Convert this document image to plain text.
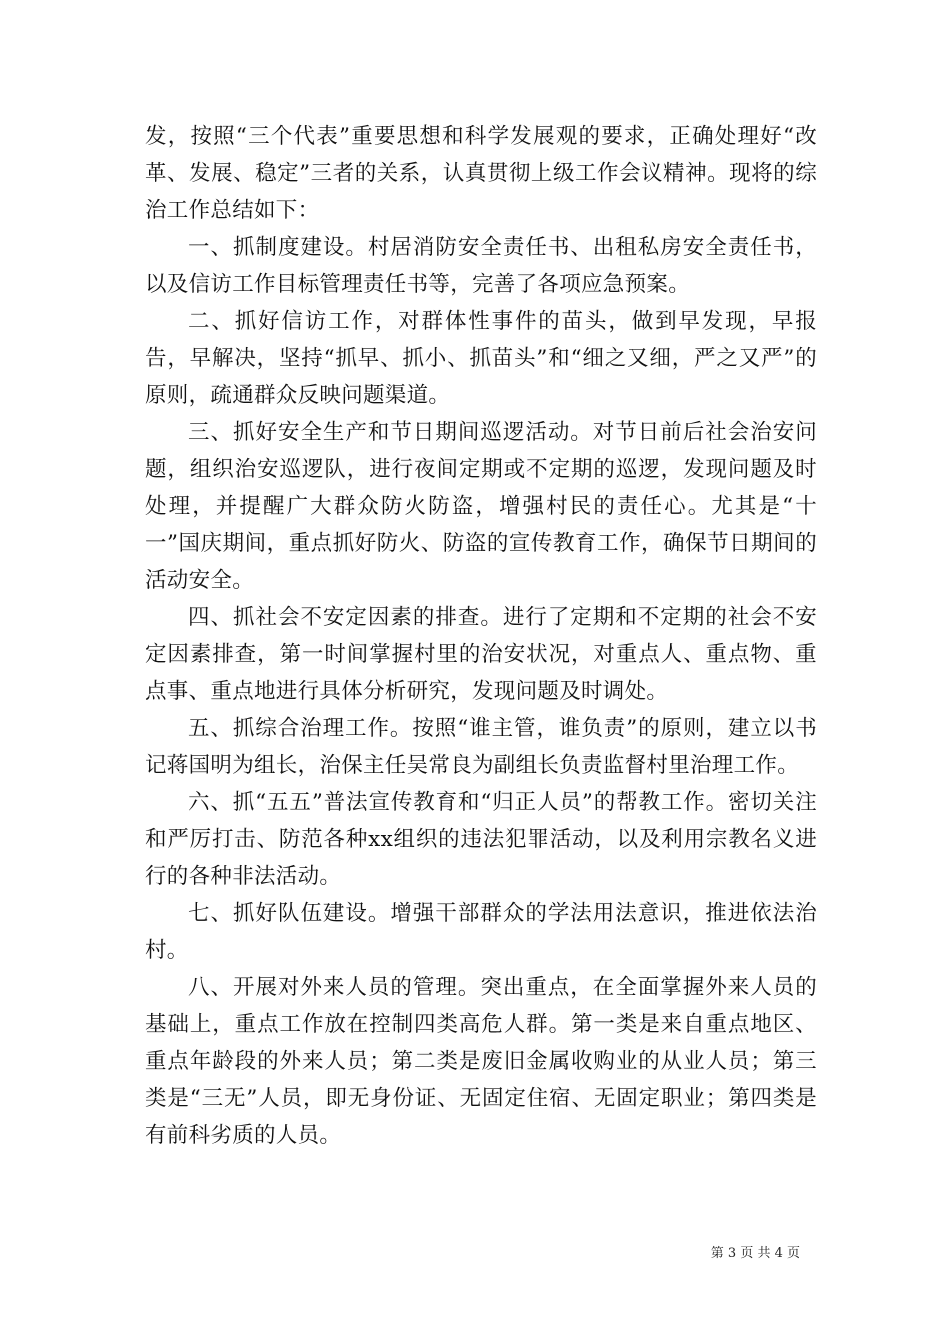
发，按照“三个代表”重要思想和科学发展观的要求，正确处理好“改革、发展、稳定”三者的关系，认真贯彻上级工作会议精神。现将的综治工作总结如下：

一、抓制度建设。村居消防安全责任书、出租私房安全责任书，以及信访工作目标管理责任书等，完善了各项应急预案。

二、抓好信访工作，对群体性事件的苗头，做到早发现，早报告，早解决，坚持“抓早、抓小、抓苗头”和“细之又细，严之又严”的原则，疏通群众反映问题渠道。

三、抓好安全生产和节日期间巡逻活动。对节日前后社会治安问题，组织治安巡逻队，进行夜间定期或不定期的巡逻，发现问题及时处理，并提醒广大群众防火防盗，增强村民的责任心。尤其是“十一”国庆期间，重点抓好防火、防盗的宣传教育工作，确保节日期间的活动安全。

四、抓社会不安定因素的排查。进行了定期和不定期的社会不安定因素排查，第一时间掌握村里的治安状况，对重点人、重点物、重点事、重点地进行具体分析研究，发现问题及时调处。

五、抓综合治理工作。按照“谁主管，谁负责”的原则，建立以书记蒋国明为组长，治保主任吴常良为副组长负责监督村里治理工作。

六、抓“五五”普法宣传教育和“归正人员”的帮教工作。密切关注和严厉打击、防范各种xx组织的违法犯罪活动，以及利用宗教名义进行的各种非法活动。

七、抓好队伍建设。增强干部群众的学法用法意识，推进依法治村。

八、开展对外来人员的管理。突出重点，在全面掌握外来人员的基础上，重点工作放在控制四类高危人群。第一类是来自重点地区、重点年龄段的外来人员；第二类是废旧金属收购业的从业人员；第三类是“三无”人员，即无身份证、无固定住宿、无固定职业；第四类是有前科劣质的人员。

第 3 页 共 4 页
